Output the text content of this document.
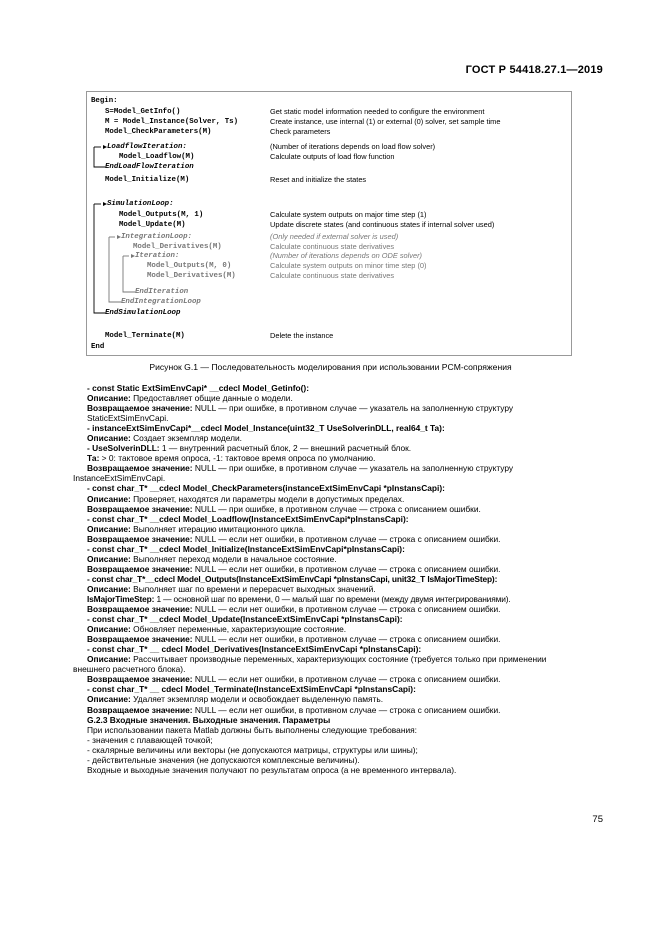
ГОСТ Р 54418.27.1—2019
Begin:
S=Model_GetInfo()	Get static model information needed to configure the environment
M = Model_Instance(Solver, Ts)	Create instance, use internal (1) or external (0) solver, set sample time
Model_CheckParameters(M)	Check parameters
LoadflowIteration:	(Number of iterations depends on load flow solver)
Model_Loadflow(M)	Calculate outputs of load flow function
EndLoadFlowIteration
Model_Initialize(M)	Reset and initialize the states
SimulationLoop:
Model_Outputs(M, 1)	Calculate system outputs on major time step (1)
Model_Update(M)	Update discrete states (and continuous states if internal solver used)
IntegrationLoop:	(Only needed if external solver is used)
Model_Derivatives(M)	Calculate continuous state derivatives
Iteration:	(Number of iterations depends on ODE solver)
Model_Outputs(M, 0)	Calculate system outputs on minor time step (0)
Model_Derivatives(M)	Calculate continuous state derivatives
EndIteration
EndIntegrationLoop
EndSimulationLoop
Model_Terminate(M)	Delete the instance
End
Рисунок G.1 — Последовательность моделирования при использовании PCM-сопряжения

- const Static ExtSimEnvCapi* __cdecl Model_Getinfo():

Описание: Предоставляет общие данные о модели.

Возвращаемое значение: NULL — при ошибке, в противном случае — указатель на заполненную структуру StaticExtSimEnvCapi.

- instanceExtSimEnvCapi*__cdecl Model_Instance(uint32_T UseSolverinDLL, real64_t Ta):

Описание: Создает экземпляр модели.

- UseSolverinDLL: 1 — внутренний расчетный блок, 2 — внешний расчетный блок.

Та: > 0: тактовое время опроса, -1: тактовое время опроса по умолчанию.

Возвращаемое значение: NULL — при ошибке, в противном случае — указатель на заполненную структуру InstanceExtSimEnvCapi.

- const char_T* __cdecl Model_CheckParameters(instanceExtSimEnvCapi *pInstansCapi):

Описание: Проверяет, находятся ли параметры модели в допустимых пределах.

Возвращаемое значение: NULL — при ошибке, в противном случае — строка с описанием ошибки.

- const char_T* __cdecl Model_Loadflow(InstanceExtSimEnvCapi*pInstansCapi):

Описание: Выполняет итерацию имитационного цикла.

Возвращаемое значение: NULL — если нет ошибки, в противном случае — строка с описанием ошибки.

- const char_T* __cdecl Model_Initialize(InstanceExtSimEnvCapi*pInstansCapi):

Описание: Выполняет переход модели в начальное состояние.

Возвращаемое значение: NULL — если нет ошибки, в противном случае — строка с описанием ошибки.

- const char_T*__cdecl Model_Outputs(InstanceExtSimEnvCapi *pInstansCapi, unit32_T IsMajorTimeStep):

Описание: Выполняет шаг по времени и перерасчет выходных значений.

IsMajorTimeStep: 1 — основной шаг по времени, 0 — малый шаг по времени (между двумя интегрированиями).

Возвращаемое значение: NULL — если нет ошибки, в противном случае — строка с описанием ошибки.

- const char_T* __cdecl Model_Update(InstanceExtSimEnvCapi *pInstansCapi):

Описание: Обновляет переменные, характеризующие состояние.

Возвращаемое значение: NULL — если нет ошибки, в противном случае — строка с описанием ошибки.

- const char_T* __ cdecl Model_Derivatives(InstanceExtSimEnvCapi *pInstansCapi):

Описание: Рассчитывает производные переменных, характеризующих состояние (требуется только при применении внешнего расчетного блока).

Возвращаемое значение: NULL — если нет ошибки, в противном случае — строка с описанием ошибки.

- const char_T* __ cdecl Model_Terminate(InstanceExtSimEnvCapi *pInstansCapi):

Описание: Удаляет экземпляр модели и освобождает выделенную память.

Возвращаемое значение: NULL — если нет ошибки, в противном случае — строка с описанием ошибки.

G.2.3 Входные значения. Выходные значения. Параметры

При использовании пакета Matlab должны быть выполнены следующие требования:

- значения с плавающей точкой;

- скалярные величины или векторы (не допускаются матрицы, структуры или шины);

- действительные значения (не допускаются комплексные величины).

Входные и выходные значения получают по результатам опроса (а не временного интервала).

75
